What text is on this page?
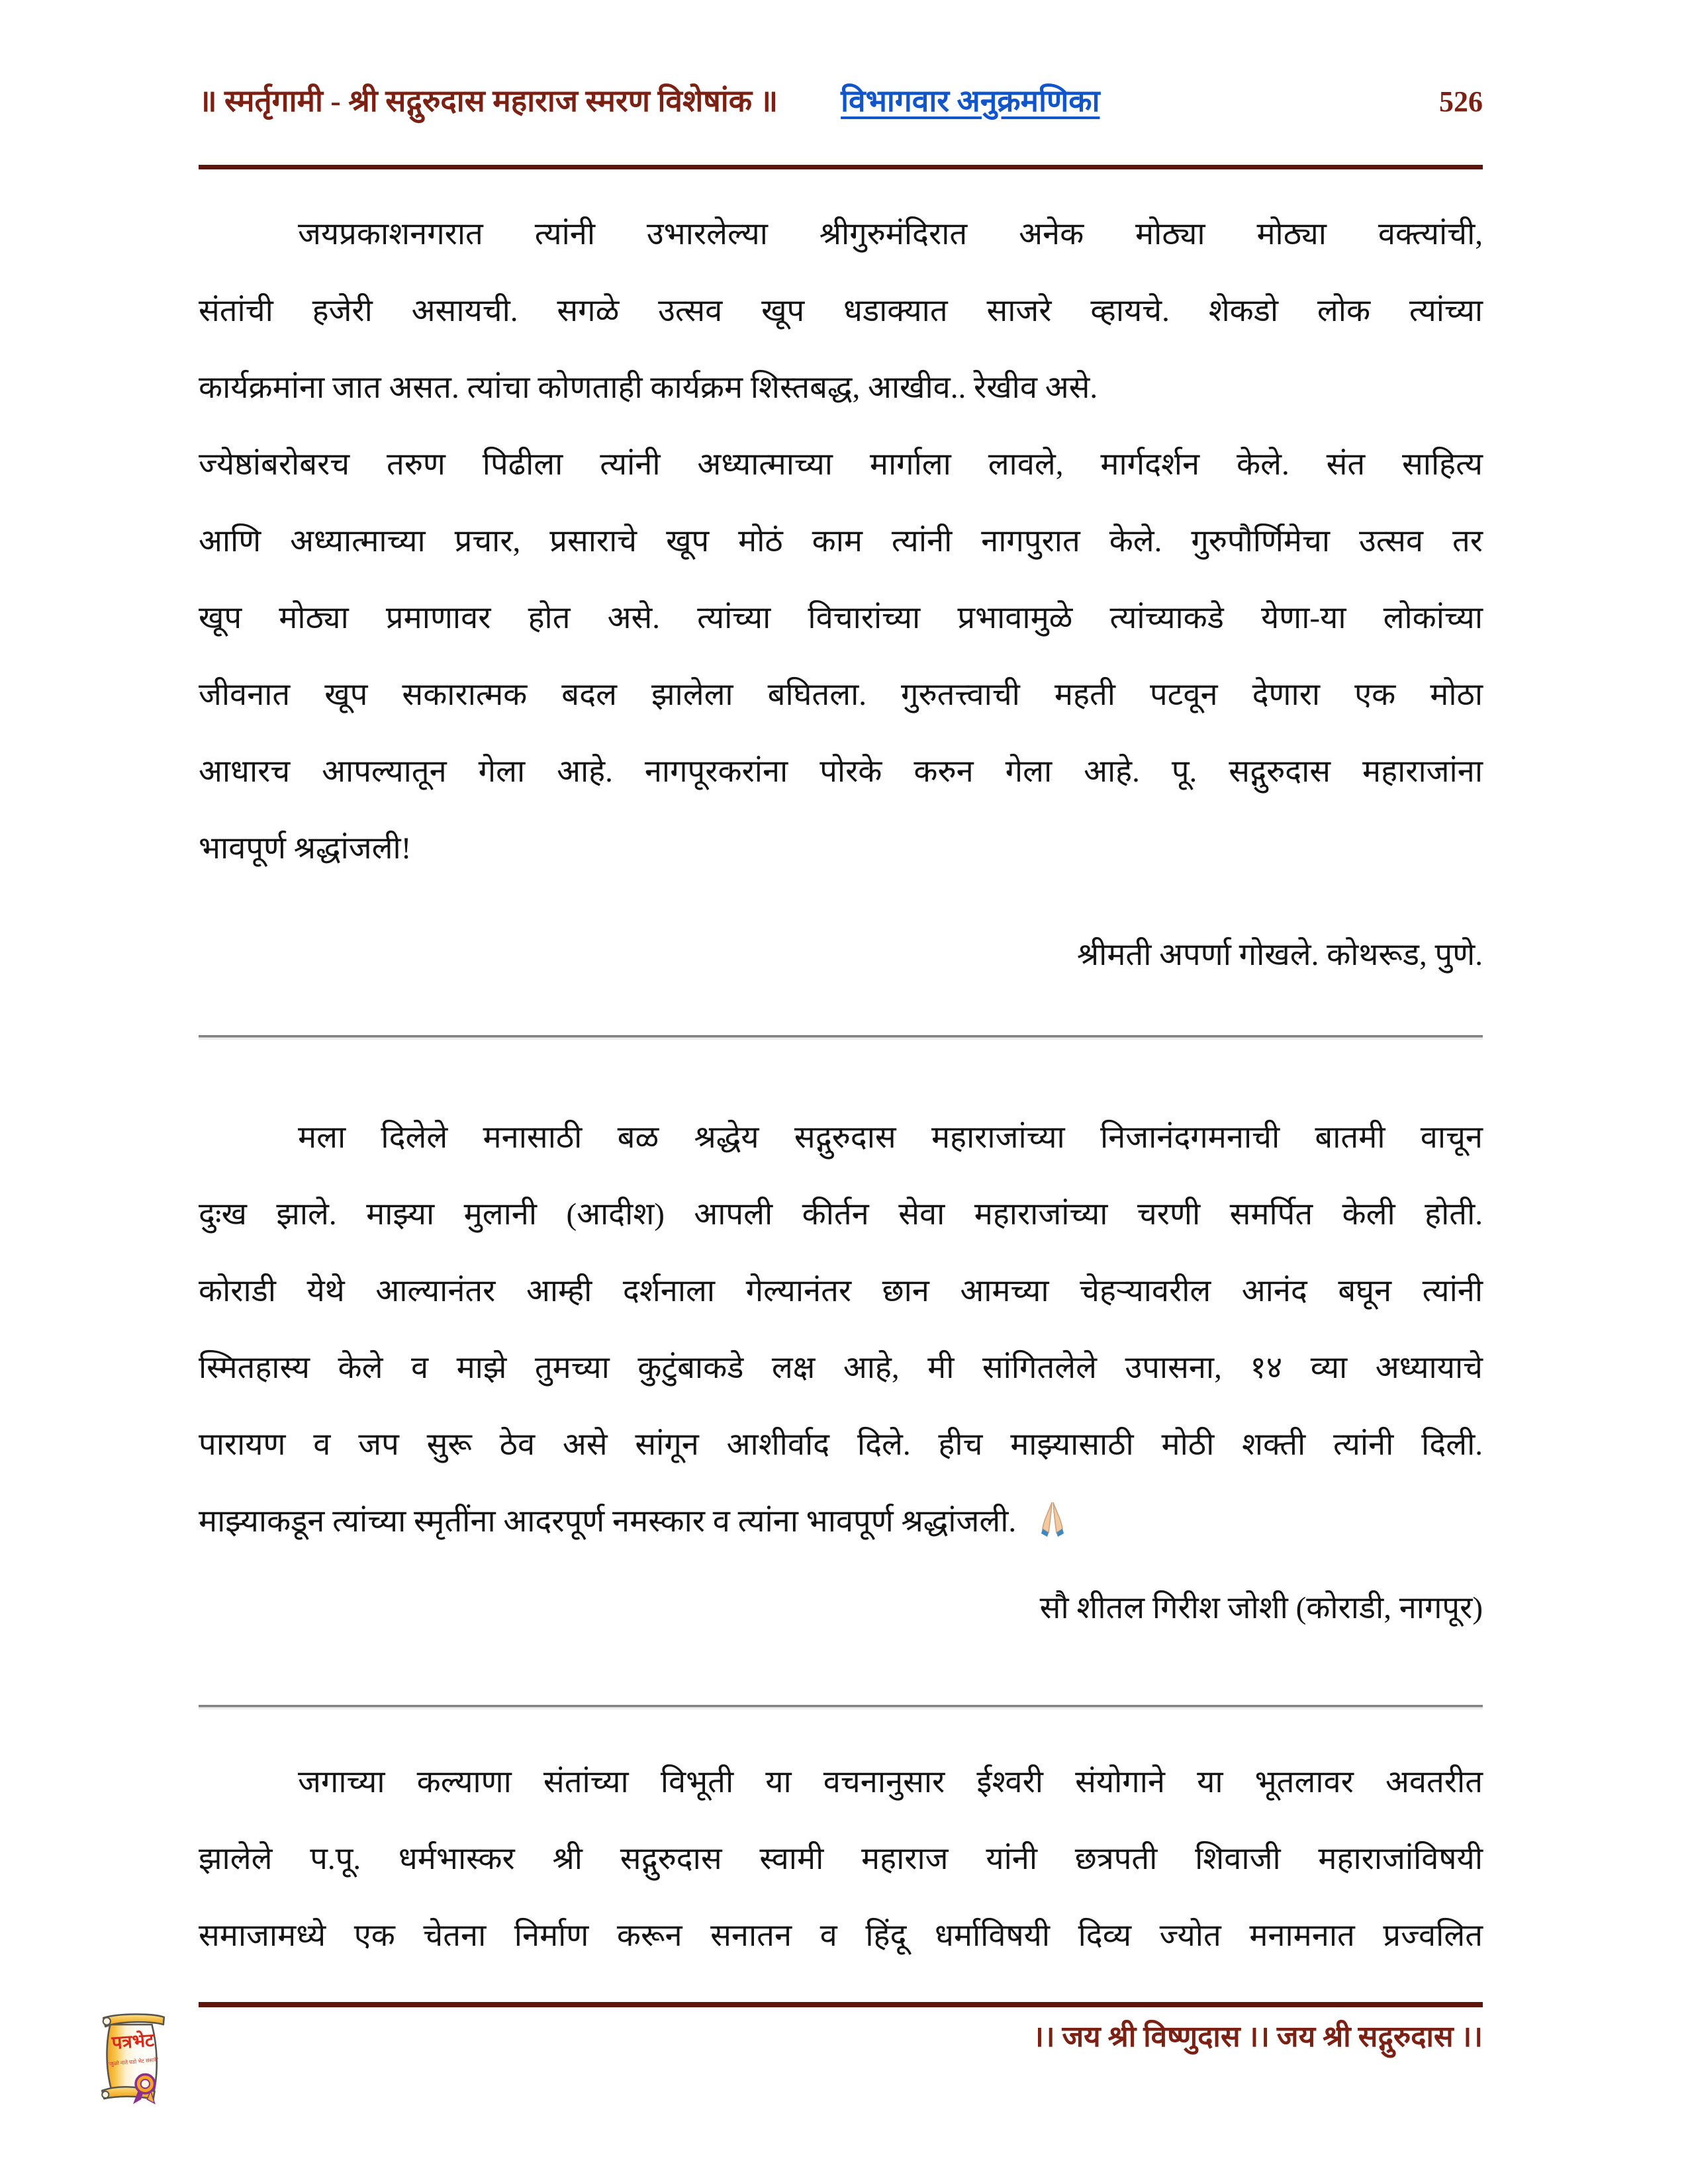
॥ स्मर्तृगामी - श्री सद्गुरुदास महाराज स्मरण विशेषांक ॥ विभागवार अनुक्रमणिका	526
जयप्रकाशनगरात त्यांनी उभारलेल्या श्रीगुरुमंदिरात अनेक मोठ्या मोठ्या वक्त्यांची,
संतांची हजेरी असायची. सगळे उत्सव खूप धडाक्यात साजरे व्हायचे. शेकडो लोक त्यांच्या
कार्यक्रमांना जात असत. त्यांचा कोणताही कार्यक्रम शिस्तबद्ध, आखीव.. रेखीव असे.
ज्येष्ठांबरोबरच तरुण पिढीला त्यांनी अध्यात्माच्या मार्गाला लावले, मार्गदर्शन केले. संत साहित्य
आणि अध्यात्माच्या प्रचार, प्रसाराचे खूप मोठं काम त्यांनी नागपुरात केले. गुरुपौर्णिमेचा उत्सव तर
खूप मोठ्या प्रमाणावर होत असे. त्यांच्या विचारांच्या प्रभावामुळे त्यांच्याकडे येणा-या लोकांच्या
जीवनात खूप सकारात्मक बदल झालेला बघितला. गुरुतत्त्वाची महती पटवून देणारा एक मोठा
आधारच आपल्यातून गेला आहे. नागपूरकरांना पोरके करुन गेला आहे. पू. सद्गुरुदास महाराजांना
भावपूर्ण श्रद्धांजली!
श्रीमती अपर्णा गोखले. कोथरूड, पुणे.
मला दिलेले मनासाठी बळ श्रद्धेय सद्गुरुदास महाराजांच्या निजानंदगमनाची बातमी वाचून
दुःख झाले. माझ्या मुलानी (आदीश) आपली कीर्तन सेवा महाराजांच्या चरणी समर्पित केली होती.
कोराडी येथे आल्यानंतर आम्ही दर्शनाला गेल्यानंतर छान आमच्या चेहऱ्यावरील आनंद बघून त्यांनी
स्मितहास्य केले व माझे तुमच्या कुटुंबाकडे लक्ष आहे, मी सांगितलेले उपासना, १४ व्या अध्यायाचे
पारायण व जप सुरू ठेव असे सांगून आशीर्वाद दिले. हीच माझ्यासाठी मोठी शक्ती त्यांनी दिली.
माझ्याकडून त्यांच्या स्मृतींना आदरपूर्ण नमस्कार व त्यांना भावपूर्ण श्रद्धांजली.
सौ शीतल गिरीश जोशी (कोराडी, नागपूर)
जगाच्या कल्याणा संतांच्या विभूती या वचनानुसार ईश्वरी संयोगाने या भूतलावर अवतरीत
झालेले प.पू. धर्मभास्कर श्री सद्गुरुदास स्वामी महाराज यांनी छत्रपती शिवाजी महाराजांविषयी
समाजामध्ये एक चेतना निर्माण करून सनातन व हिंदू धर्माविषयी दिव्य ज्योत मनामनात प्रज्वलित
।। जय श्री विष्णुदास ।। जय श्री सद्गुरुदास ।।
पत्रभेट
"जुळो नाते घडो भेट संसारे"
